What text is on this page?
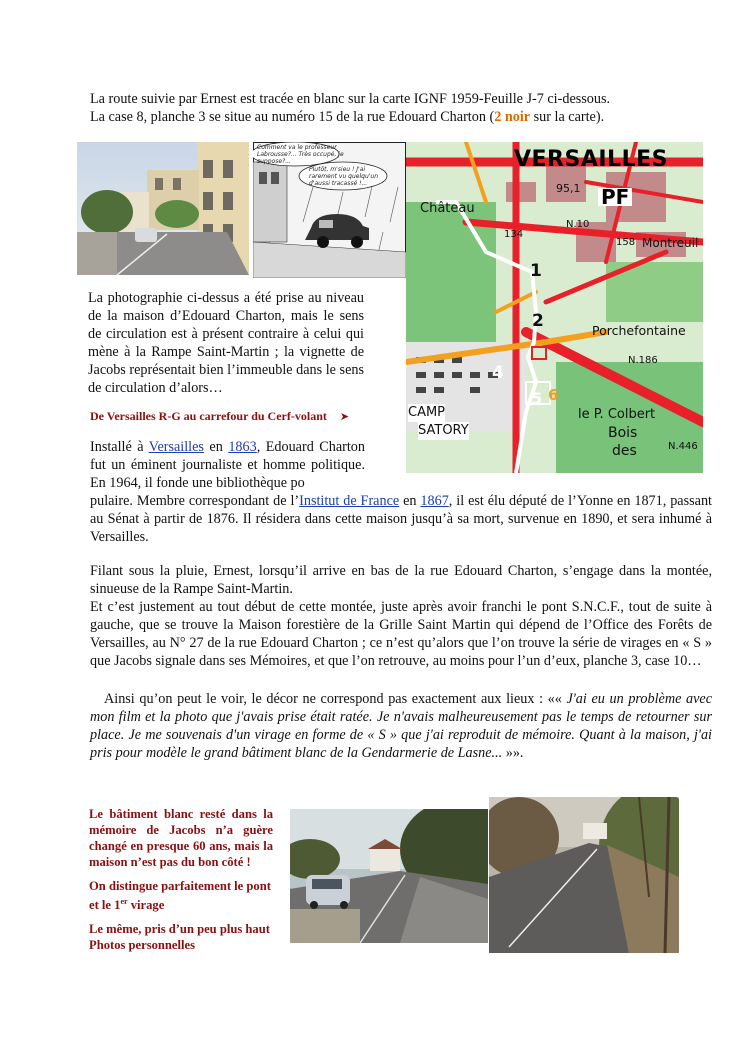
La route suivie par Ernest est tracée en blanc sur la carte IGNF 1959-Feuille J-7 ci-dessous.
La case 8, planche 3 se situe au numéro 15 de la rue Edouard Charton (2 noir sur la carte).
Comment va le professeur Labrousse?... Très occupé, je suppose?...
Plutôt, m'sieu ! J'ai rarement vu quelqu'un d'aussi tracassé !...
VERSAILLES
Château	PF
Montreuil
Porchefontaine
CAMP
SATORY
le P. Colbert
Bois
des
95,1
N.10
158
134
N.186
N.446
1
2
4
5 6
La photographie ci-dessus a été prise au niveau de la maison d’Edouard Charton, mais le sens de circulation est à présent contraire à celui qui mène à la Rampe Saint-Martin ; la vignette de Jacobs représentait bien l’immeuble dans le sens de circulation d’alors…
De Versailles R-G au carrefour du Cerf-volant ➤
Installé à Versailles en 1863, Edouard Charton fut un éminent journaliste et homme politique. En 1964, il fonde une bibliothèque po
pulaire. Membre correspondant de l’Institut de France en 1867, il est élu député de l’Yonne en 1871, passant au Sénat à partir de 1876. Il résidera dans cette maison jusqu’à sa mort, survenue en 1890, et sera inhumé à Versailles.
Filant sous la pluie, Ernest, lorsqu’il arrive en bas de la rue Edouard Charton, s’engage dans la montée, sinueuse de la Rampe Saint-Martin.
Et c’est justement au tout début de cette montée, juste après avoir franchi le pont S.N.C.F., tout de suite à gauche, que se trouve la Maison forestière de la Grille Saint Martin qui dépend de l’Office des Forêts de Versailles, au N° 27 de la rue Edouard Charton ; ce n’est qu’alors que l’on trouve la série de virages en « S » que Jacobs signale dans ses Mémoires, et que l’on retrouve, au moins pour l’un d’eux, planche 3, case 10…
Ainsi qu’on peut le voir, le décor ne correspond pas exactement aux lieux : «« J'ai eu un problème avec mon film et la photo que j'avais prise était ratée. Je n'avais malheureusement pas le temps de retourner sur place. Je me souvenais d'un virage en forme de « S » que j'ai reproduit de mémoire. Quant à la maison, j'ai pris pour modèle le grand bâtiment blanc de la Gendarmerie de Lasne... »».
Le bâtiment blanc resté dans la mémoire de Jacobs n’a guère changé en presque 60 ans, mais la maison n’est pas du bon côté !
On distingue parfaitement le pont et le 1er virage
Le même, pris d’un peu plus haut
Photos personnelles
